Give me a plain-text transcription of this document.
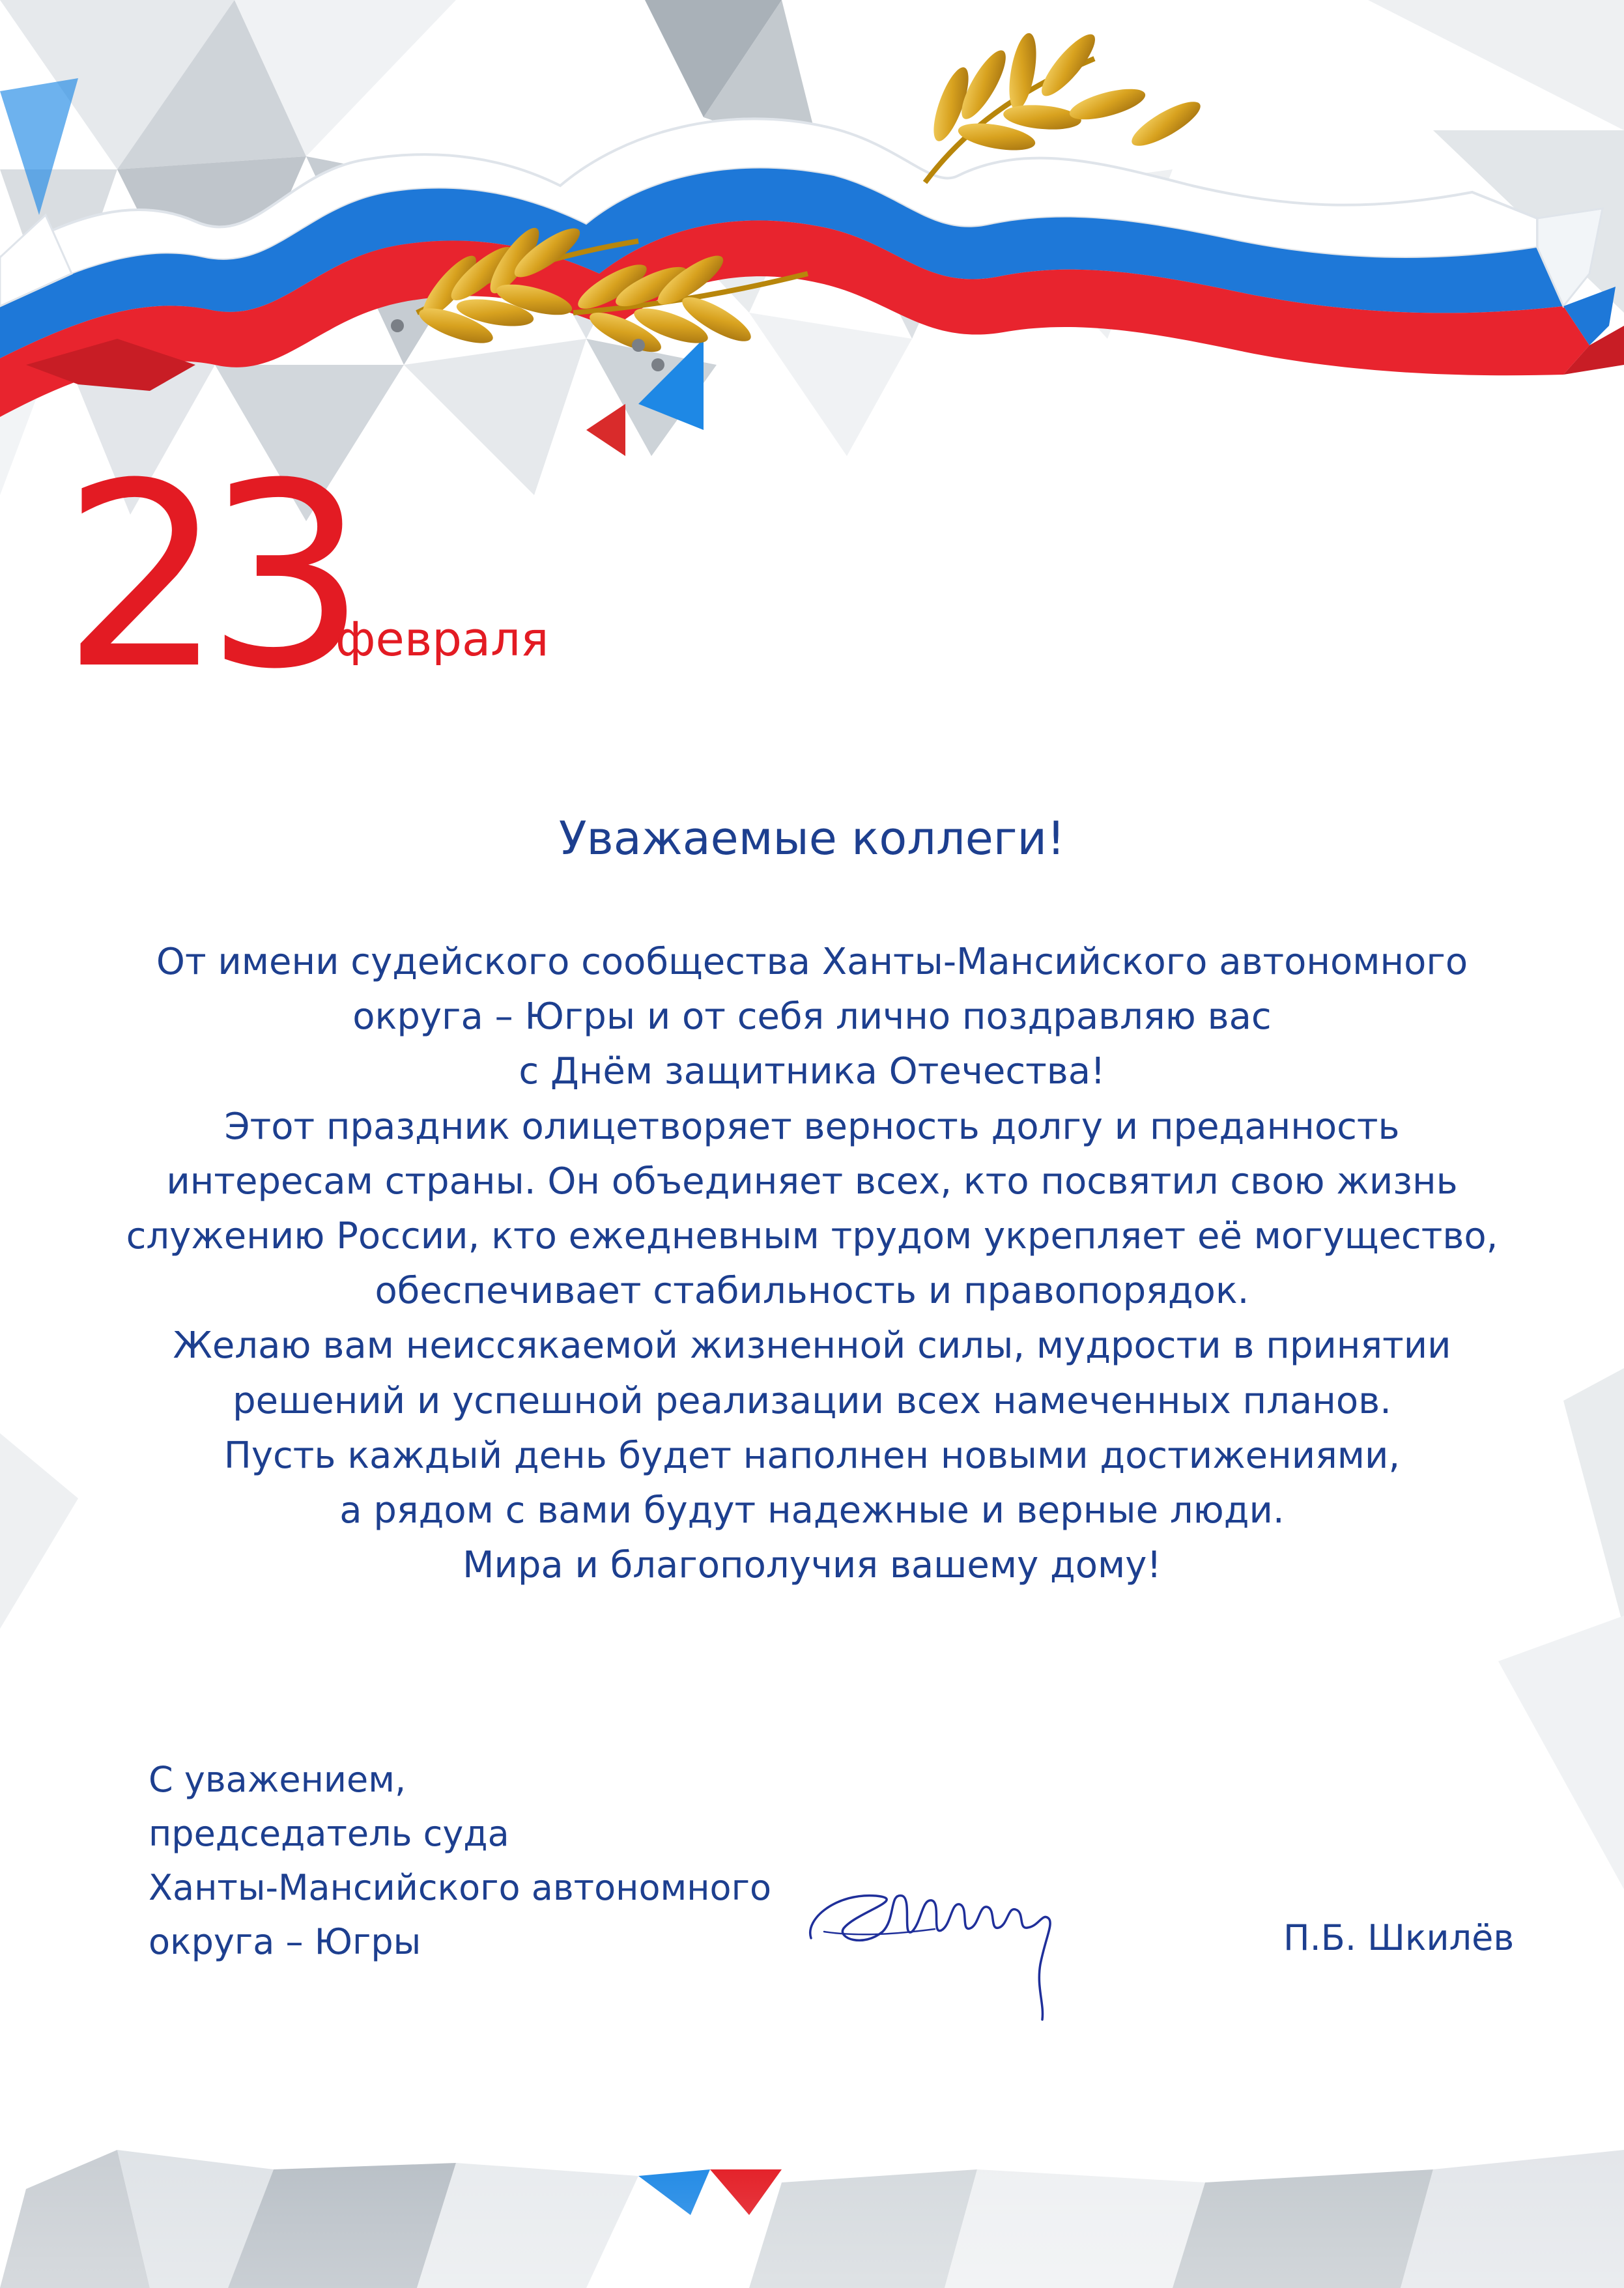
23
февраля
Уважаемые коллеги!
От имени судейского сообщества Ханты-Мансийского автономного
округа – Югры и от себя лично поздравляю вас
с Днём защитника Отечества!
Этот праздник олицетворяет верность долгу и преданность
интересам страны. Он объединяет всех, кто посвятил свою жизнь
служению России, кто ежедневным трудом укрепляет её могущество,
обеспечивает стабильность и правопорядок.
Желаю вам неиссякаемой жизненной силы, мудрости в принятии
решений и успешной реализации всех намеченных планов.
Пусть каждый день будет наполнен новыми достижениями,
а рядом с вами будут надежные и верные люди.
Мира и благополучия вашему дому!
С уважением,
председатель суда
Ханты-Мансийского автономного
округа – Югры	П.Б. Шкилёв
